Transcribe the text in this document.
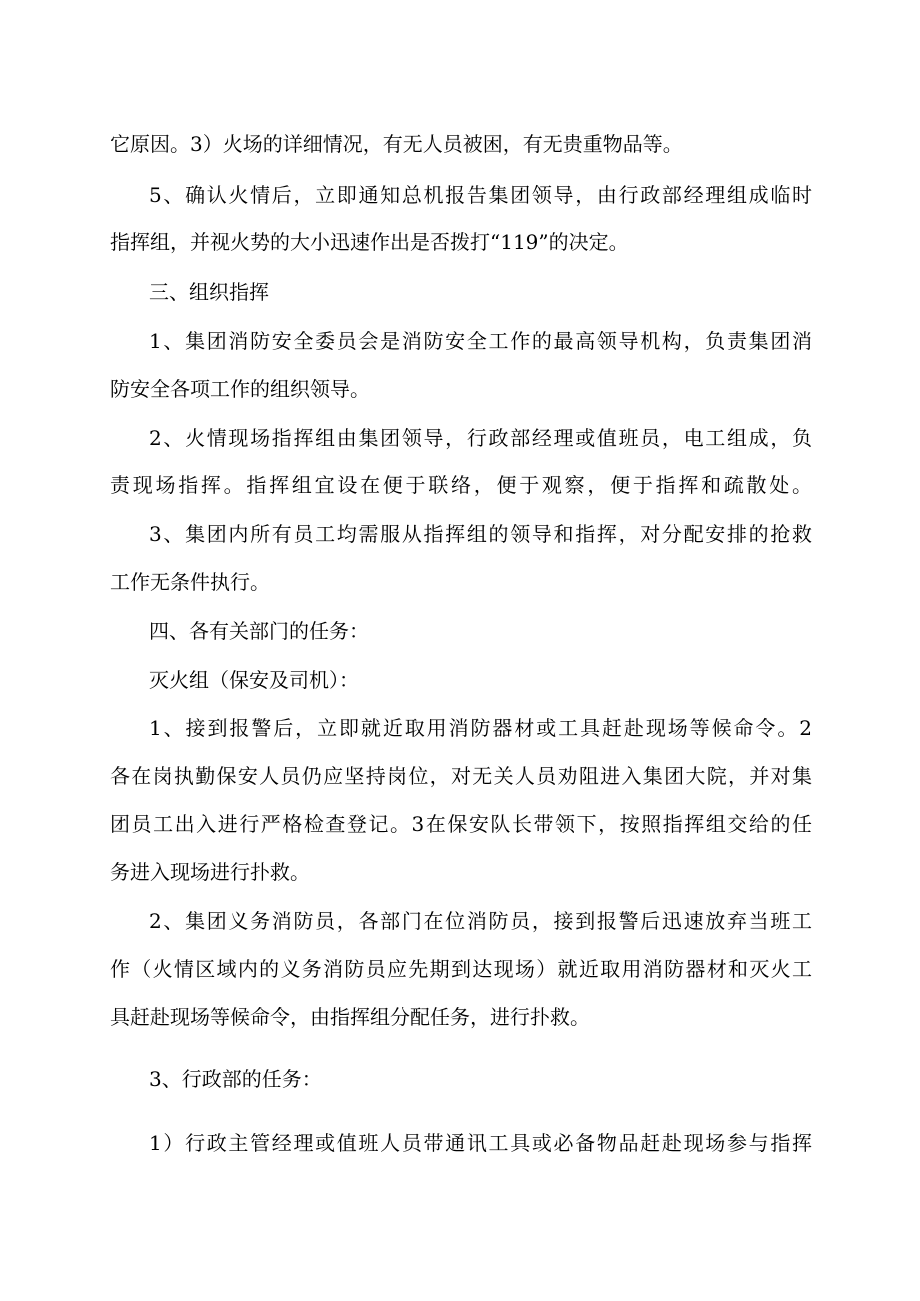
它原因。3）火场的详细情况，有无人员被困，有无贵重物品等。
5、确认火情后，立即通知总机报告集团领导，由行政部经理组成临时
指挥组，并视火势的大小迅速作出是否拨打“119”的决定。
三、组织指挥
1、集团消防安全委员会是消防安全工作的最高领导机构，负责集团消
防安全各项工作的组织领导。
2、火情现场指挥组由集团领导，行政部经理或值班员，电工组成，负
责现场指挥。指挥组宜设在便于联络，便于观察，便于指挥和疏散处。
3、集团内所有员工均需服从指挥组的领导和指挥，对分配安排的抢救
工作无条件执行。
四、各有关部门的任务：
灭火组（保安及司机）：
1、接到报警后，立即就近取用消防器材或工具赶赴现场等候命令。2
各在岗执勤保安人员仍应坚持岗位，对无关人员劝阻进入集团大院，并对集
团员工出入进行严格检查登记。3在保安队长带领下，按照指挥组交给的任
务进入现场进行扑救。
2、集团义务消防员，各部门在位消防员，接到报警后迅速放弃当班工
作（火情区域内的义务消防员应先期到达现场）就近取用消防器材和灭火工
具赶赴现场等候命令，由指挥组分配任务，进行扑救。
3、行政部的任务：
1）行政主管经理或值班人员带通讯工具或必备物品赶赴现场参与指挥
